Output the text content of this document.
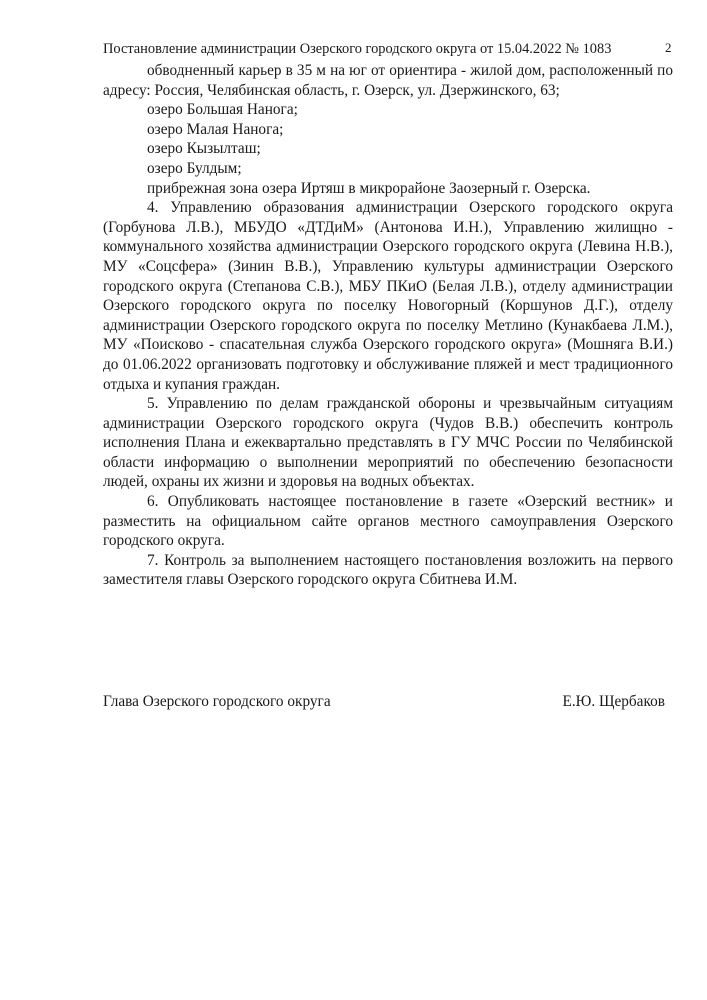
Постановление администрации Озерского городского округа от 15.04.2022 № 1083	2

обводненный карьер в 35 м на юг от ориентира - жилой дом, расположенный по адресу: Россия, Челябинская область, г. Озерск, ул. Дзержинского, 63;

озеро Большая Нанога;

озеро Малая Нанога;

озеро Кызылташ;

озеро Булдым;

прибрежная зона озера Иртяш в микрорайоне Заозерный г. Озерска.

4. Управлению образования администрации Озерского городского округа (Горбунова Л.В.), МБУДО «ДТДиМ» (Антонова И.Н.), Управлению жилищно - коммунального хозяйства администрации Озерского городского округа (Левина Н.В.), МУ «Соцсфера» (Зинин В.В.), Управлению культуры администрации Озерского городского округа (Степанова С.В.), МБУ ПКиО (Белая Л.В.), отделу администрации Озерского городского округа по поселку Новогорный (Коршунов Д.Г.), отделу администрации Озерского городского округа по поселку Метлино (Кунакбаева Л.М.), МУ «Поисково - спасательная служба Озерского городского округа» (Мошняга В.И.) до 01.06.2022 организовать подготовку и обслуживание пляжей и мест традиционного отдыха и купания граждан.

5. Управлению по делам гражданской обороны и чрезвычайным ситуациям администрации Озерского городского округа (Чудов В.В.) обеспечить контроль исполнения Плана и ежеквартально представлять в ГУ МЧС России по Челябинской области информацию о выполнении мероприятий по обеспечению безопасности людей, охраны их жизни и здоровья на водных объектах.

6. Опубликовать настоящее постановление в газете «Озерский вестник» и разместить на официальном сайте органов местного самоуправления Озерского городского округа.

7. Контроль за выполнением настоящего постановления возложить на первого заместителя главы Озерского городского округа Сбитнева И.М.

Глава Озерского городского округа	Е.Ю. Щербаков
